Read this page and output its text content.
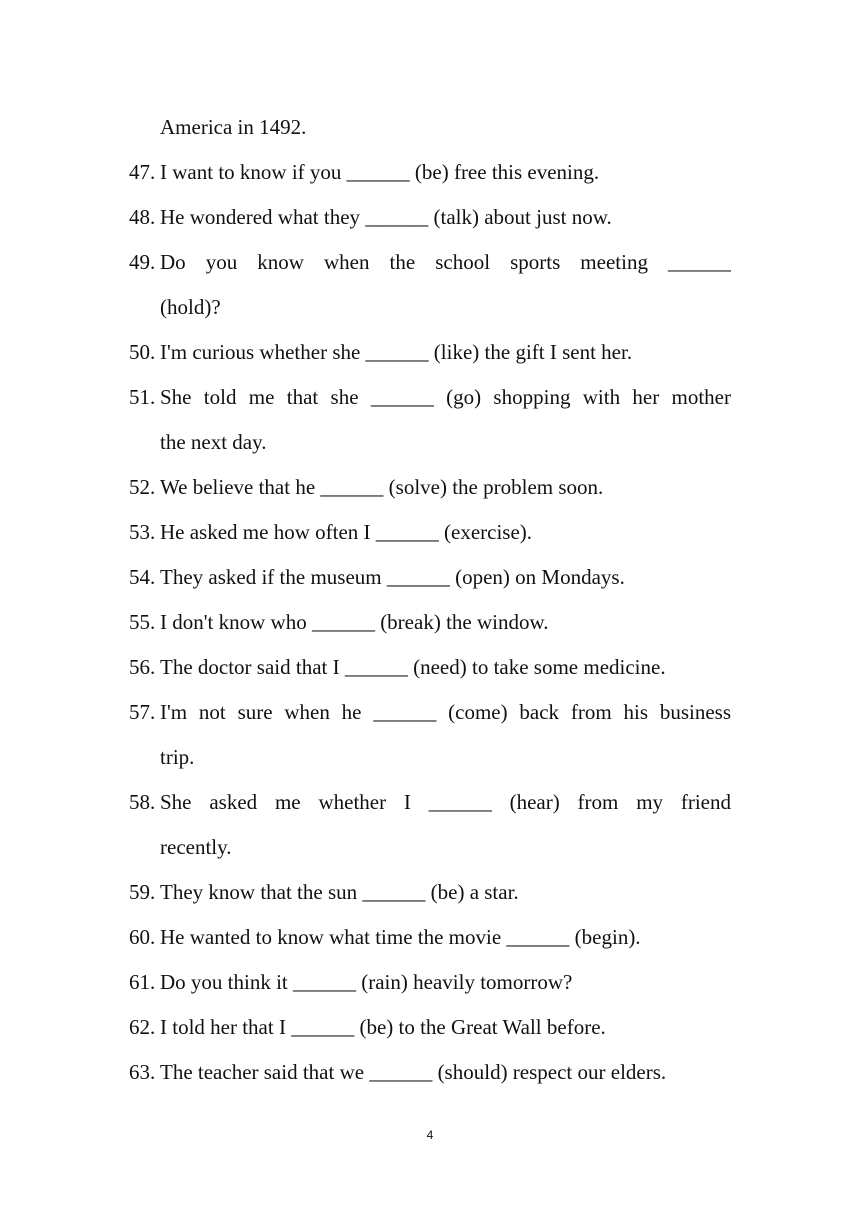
America in 1492.
47. I want to know if you ______ (be) free this evening.
48. He wondered what they ______ (talk) about just now.
49. Do you know when the school sports meeting ______
(hold)?
50. I'm curious whether she ______ (like) the gift I sent her.
51. She told me that she ______ (go) shopping with her mother
the next day.
52. We believe that he ______ (solve) the problem soon.
53. He asked me how often I ______ (exercise).
54. They asked if the museum ______ (open) on Mondays.
55. I don't know who ______ (break) the window.
56. The doctor said that I ______ (need) to take some medicine.
57. I'm not sure when he ______ (come) back from his business
trip.
58. She asked me whether I ______ (hear) from my friend
recently.
59. They know that the sun ______ (be) a star.
60. He wanted to know what time the movie ______ (begin).
61. Do you think it ______ (rain) heavily tomorrow?
62. I told her that I ______ (be) to the Great Wall before.
63. The teacher said that we ______ (should) respect our elders.
4
